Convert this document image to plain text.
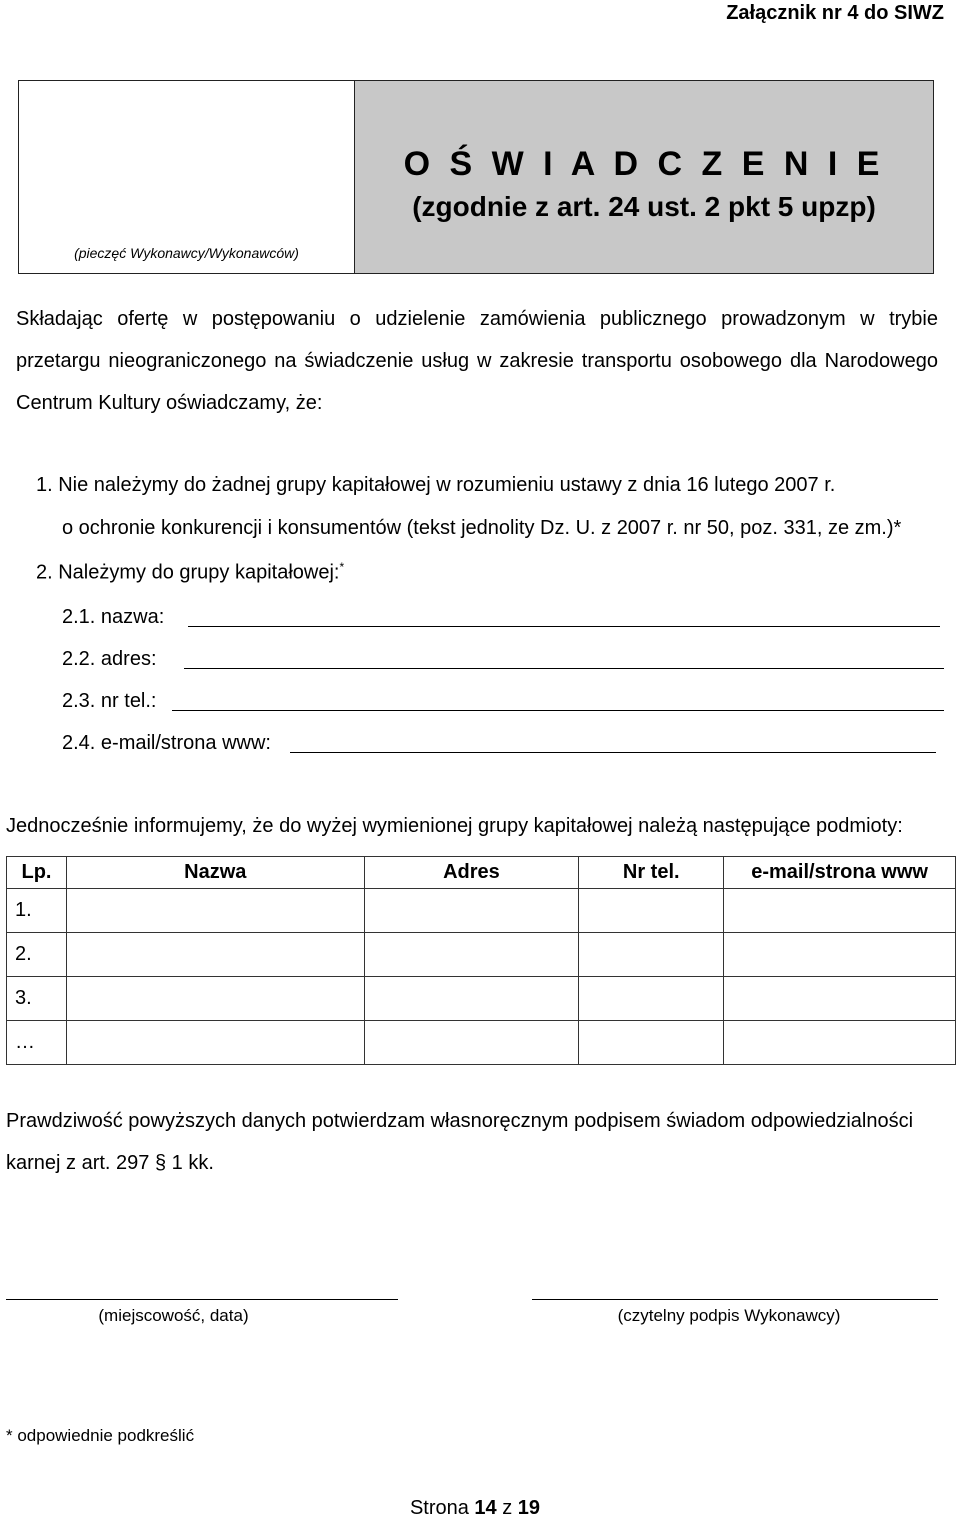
Załącznik nr 4 do SIWZ
(pieczęć Wykonawcy/Wykonawców)
O Ś W I A D C Z E N I E
(zgodnie z art. 24 ust. 2 pkt 5 upzp)
Składając ofertę w postępowaniu o udzielenie zamówienia publicznego prowadzonym w trybie przetargu nieograniczonego na świadczenie usług w zakresie transportu osobowego dla Narodowego Centrum Kultury oświadczamy, że:
1. Nie należymy do żadnej grupy kapitałowej w rozumieniu ustawy z dnia 16 lutego 2007 r.
o ochronie konkurencji i konsumentów (tekst jednolity Dz. U. z 2007 r. nr 50, poz. 331, ze zm.)*
2. Należymy do grupy kapitałowej:*
2.1. nazwa:
2.2. adres:
2.3. nr tel.:
2.4. e-mail/strona www:
Jednocześnie informujemy, że do wyżej wymienionej grupy kapitałowej należą następujące podmioty:
Lp.	Nazwa	Adres	Nr tel.	e-mail/strona www
1.				
2.				
3.				
…				
Prawdziwość powyższych danych potwierdzam własnoręcznym podpisem świadom odpowiedzialności karnej z art. 297 § 1 kk.
(miejscowość, data)	(czytelny podpis Wykonawcy)
* odpowiednie podkreślić
Strona 14 z 19
